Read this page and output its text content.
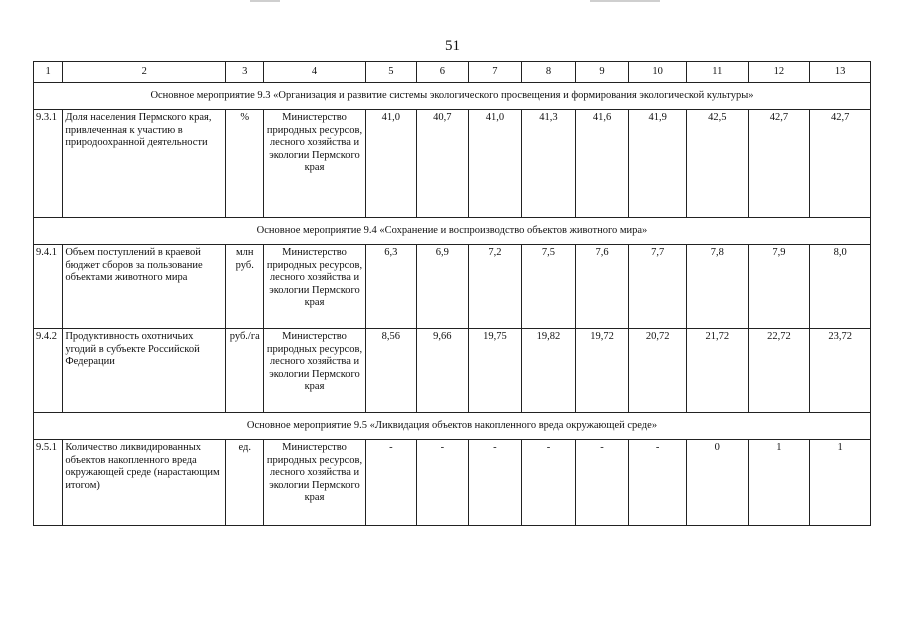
51
1	2	3	4	5	6	7	8	9	10	11	12	13
Основное мероприятие 9.3 «Организация и развитие системы экологического просвещения и формирования экологической культуры»												
9.3.1	Доля населения Пермского края, привлеченная к участию в природоохранной деятельности	%	Министерство природных ресурсов, лесного хозяйства и экологии Пермского края	41,0	40,7	41,0	41,3	41,6	41,9	42,5	42,7	42,7
Основное мероприятие 9.4 «Сохранение и воспроизводство объектов животного мира»												
9.4.1	Объем поступлений в краевой бюджет сборов за пользование объектами животного мира	млн руб.	Министерство природных ресурсов, лесного хозяйства и экологии Пермского края	6,3	6,9	7,2	7,5	7,6	7,7	7,8	7,9	8,0
9.4.2	Продуктивность охотничьих угодий в субъекте Российской Федерации	руб./га	Министерство природных ресурсов, лесного хозяйства и экологии Пермского края	8,56	9,66	19,75	19,82	19,72	20,72	21,72	22,72	23,72
Основное мероприятие 9.5 «Ликвидация объектов накопленного вреда окружающей среде»												
9.5.1	Количество ликвидированных объектов накопленного вреда окружающей среде (нарастающим итогом)	ед.	Министерство природных ресурсов, лесного хозяйства и экологии Пермского края	-	-	-	-	-	-	0	1	1
